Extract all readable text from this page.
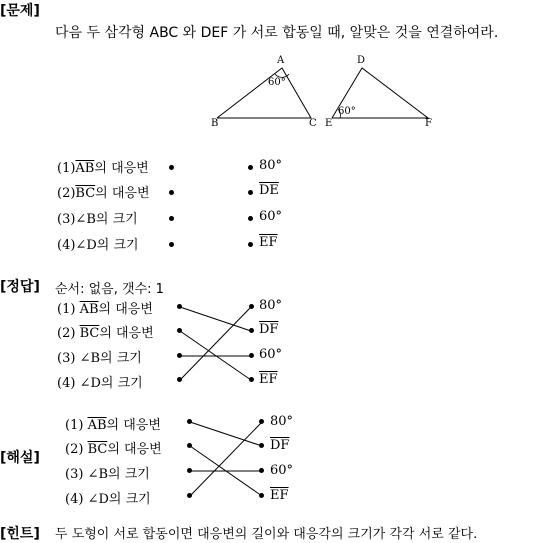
[문제]
다음 두 삼각형 ABC 와 DEF 가 서로 합동일 때, 알맞은 것을 연결하여라.
A
60°
B	C
D
E
60°
F
$(1)\overline{AB}$의 대응변
$(2)\overline{BC}$의 대응변
(3)∠B의 크기
(4)∠D의 크기
80°
$\overline{DE}$
60°
$\overline{EF}$
[정답] 순서: 없음, 갯수: 1
(1) $\overline{AB}$의 대응변
(2) $\overline{BC}$의 대응변
(3) ∠B의 크기
(4) ∠D의 크기
80°
$\overline{DF}$
60°
$\overline{EF}$
[해설]
(1) $\overline{AB}$의 대응변
(2) $\overline{BC}$의 대응변
(3) ∠B의 크기
(4) ∠D의 크기
80°
$\overline{DF}$
60°
$\overline{EF}$
[힌트] 두 도형이 서로 합동이면 대응변의 길이와 대응각의 크기가 각각 서로 같다.
